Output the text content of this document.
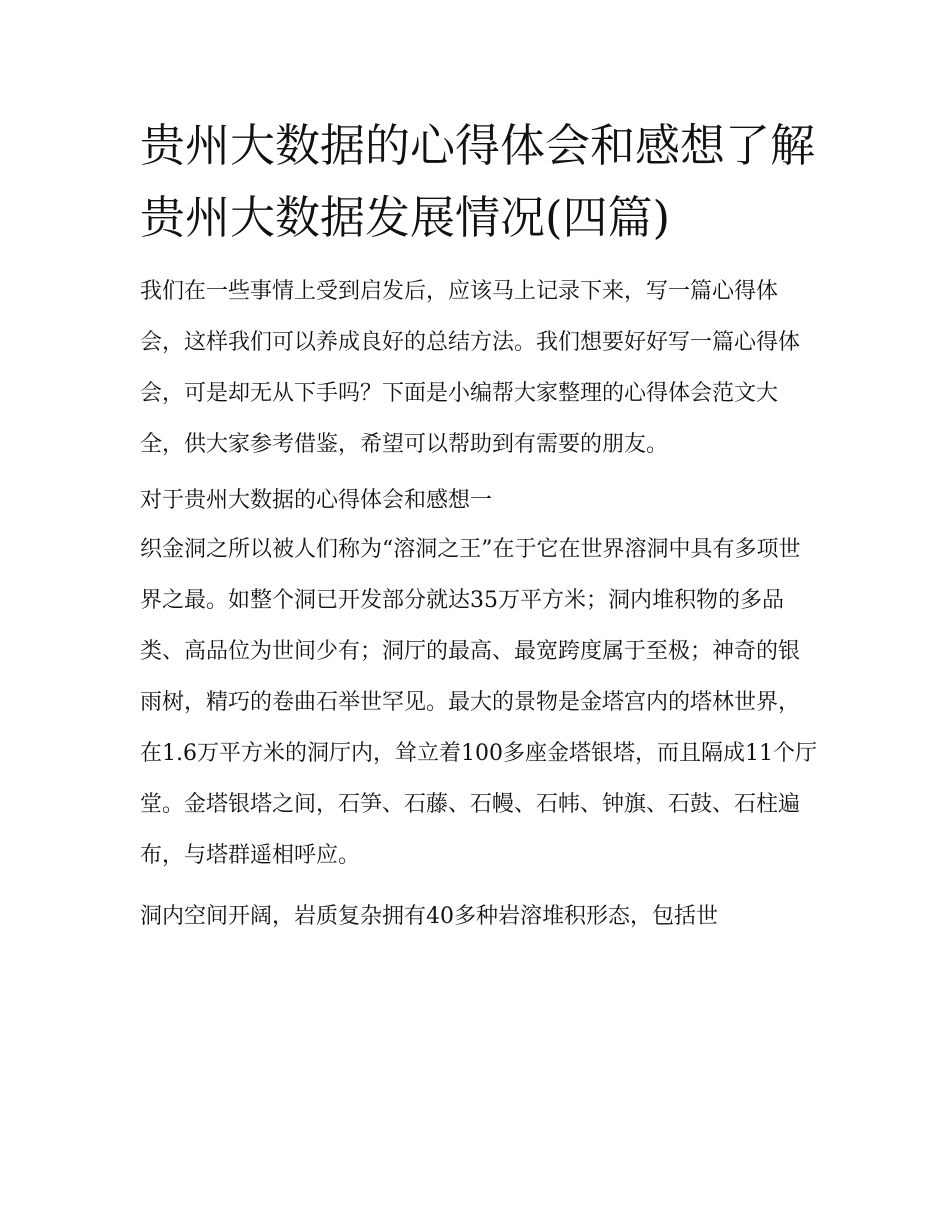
贵州大数据的心得体会和感想了解贵州大数据发展情况(四篇)

我们在一些事情上受到启发后，应该马上记录下来，写一篇心得体会，这样我们可以养成良好的总结方法。我们想要好好写一篇心得体会，可是却无从下手吗？下面是小编帮大家整理的心得体会范文大全，供大家参考借鉴，希望可以帮助到有需要的朋友。

对于贵州大数据的心得体会和感想一

织金洞之所以被人们称为“溶洞之王”在于它在世界溶洞中具有多项世界之最。如整个洞已开发部分就达35万平方米；洞内堆积物的多品类、高品位为世间少有；洞厅的最高、最宽跨度属于至极；神奇的银雨树，精巧的卷曲石举世罕见。最大的景物是金塔宫内的塔林世界，在1.6万平方米的洞厅内，耸立着100多座金塔银塔，而且隔成11个厅堂。金塔银塔之间，石笋、石藤、石幔、石帏、钟旗、石鼓、石柱遍布，与塔群遥相呼应。

洞内空间开阔，岩质复杂拥有40多种岩溶堆积形态，包括世
